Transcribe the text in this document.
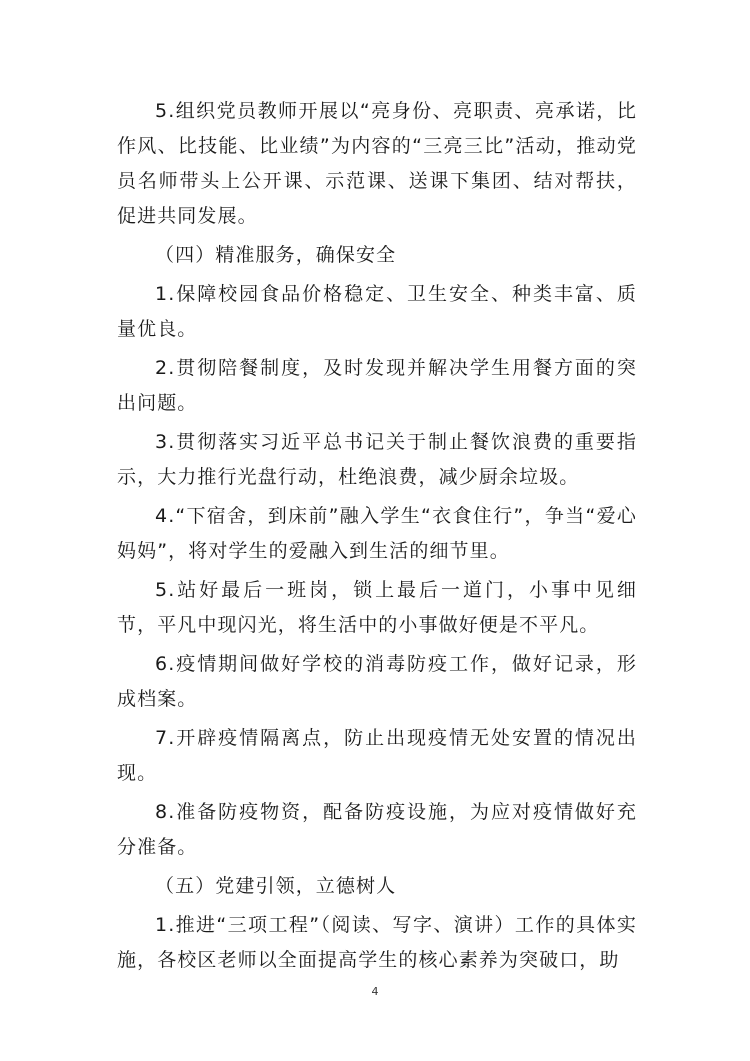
5.组织党员教师开展以“亮身份、亮职责、亮承诺，比作风、比技能、比业绩”为内容的“三亮三比”活动，推动党员名师带头上公开课、示范课、送课下集团、结对帮扶，促进共同发展。

（四）精准服务，确保安全

1.保障校园食品价格稳定、卫生安全、种类丰富、质量优良。

2.贯彻陪餐制度，及时发现并解决学生用餐方面的突出问题。

3.贯彻落实习近平总书记关于制止餐饮浪费的重要指示，大力推行光盘行动，杜绝浪费，减少厨余垃圾。

4.“下宿舍，到床前”融入学生“衣食住行”，争当“爱心妈妈”，将对学生的爱融入到生活的细节里。

5.站好最后一班岗，锁上最后一道门，小事中见细节，平凡中现闪光，将生活中的小事做好便是不平凡。

6.疫情期间做好学校的消毒防疫工作，做好记录，形成档案。

7.开辟疫情隔离点，防止出现疫情无处安置的情况出现。

8.准备防疫物资，配备防疫设施，为应对疫情做好充分准备。

（五）党建引领，立德树人

1.推进“三项工程”（阅读、写字、演讲）工作的具体实施，各校区老师以全面提高学生的核心素养为突破口，助

4
